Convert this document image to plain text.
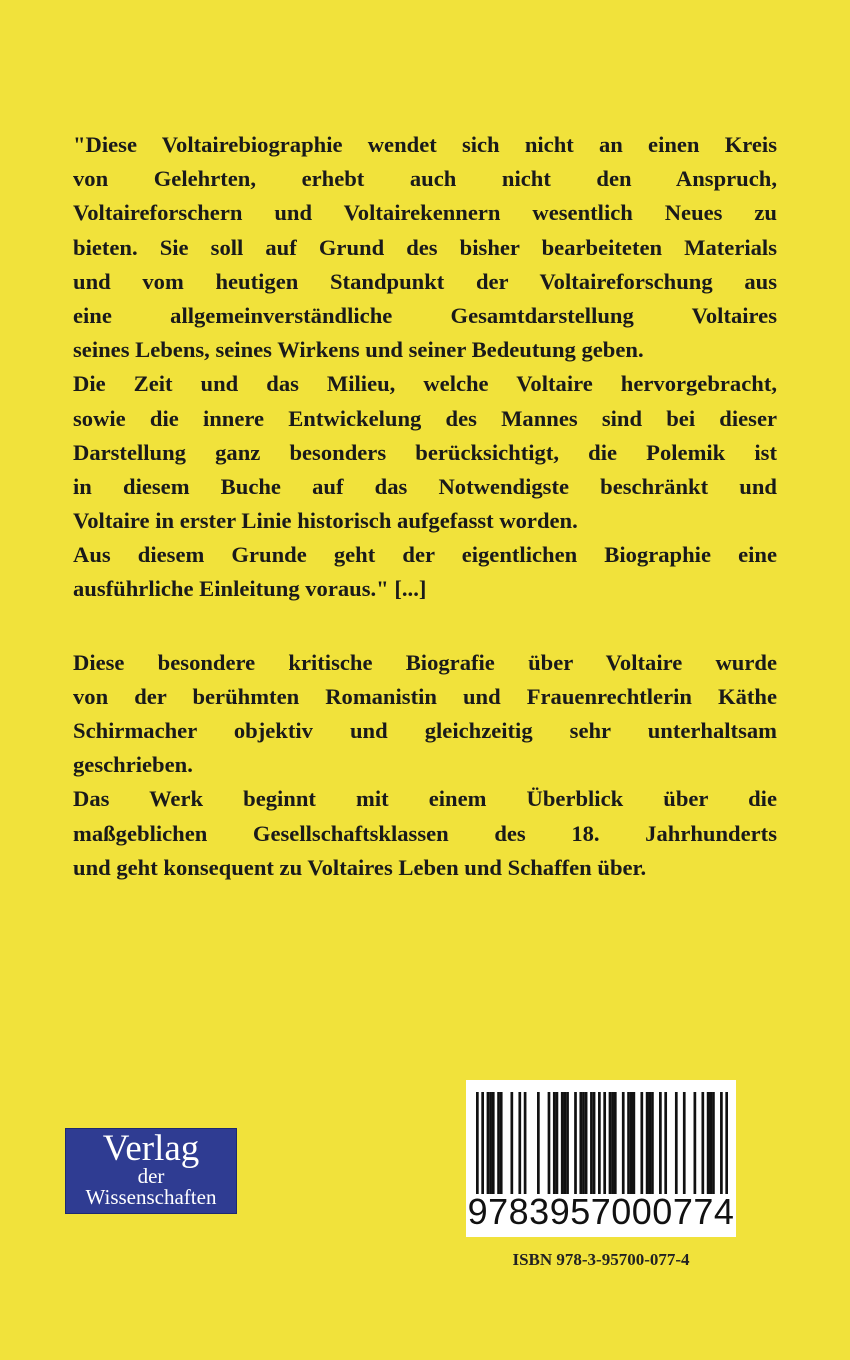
"Diese Voltairebiographie wendet sich nicht an einen Kreis
von Gelehrten, erhebt auch nicht den Anspruch,
Voltaireforschern und Voltairekennern wesentlich Neues zu
bieten. Sie soll auf Grund des bisher bearbeiteten Materials
und vom heutigen Standpunkt der Voltaireforschung aus
eine allgemeinverständliche Gesamtdarstellung Voltaires
seines Lebens, seines Wirkens und seiner Bedeutung geben.
Die Zeit und das Milieu, welche Voltaire hervorgebracht,
sowie die innere Entwickelung des Mannes sind bei dieser
Darstellung ganz besonders berücksichtigt, die Polemik ist
in diesem Buche auf das Notwendigste beschränkt und
Voltaire in erster Linie historisch aufgefasst worden.
Aus diesem Grunde geht der eigentlichen Biographie eine
ausführliche Einleitung voraus." [...]
Diese besondere kritische Biografie über Voltaire wurde
von der berühmten Romanistin und Frauenrechtlerin Käthe
Schirmacher objektiv und gleichzeitig sehr unterhaltsam
geschrieben.
Das Werk beginnt mit einem Überblick über die
maßgeblichen Gesellschaftsklassen des 18. Jahrhunderts
und geht konsequent zu Voltaires Leben und Schaffen über.
Verlag
der
Wissenschaften	9783957000774
ISBN 978-3-95700-077-4
